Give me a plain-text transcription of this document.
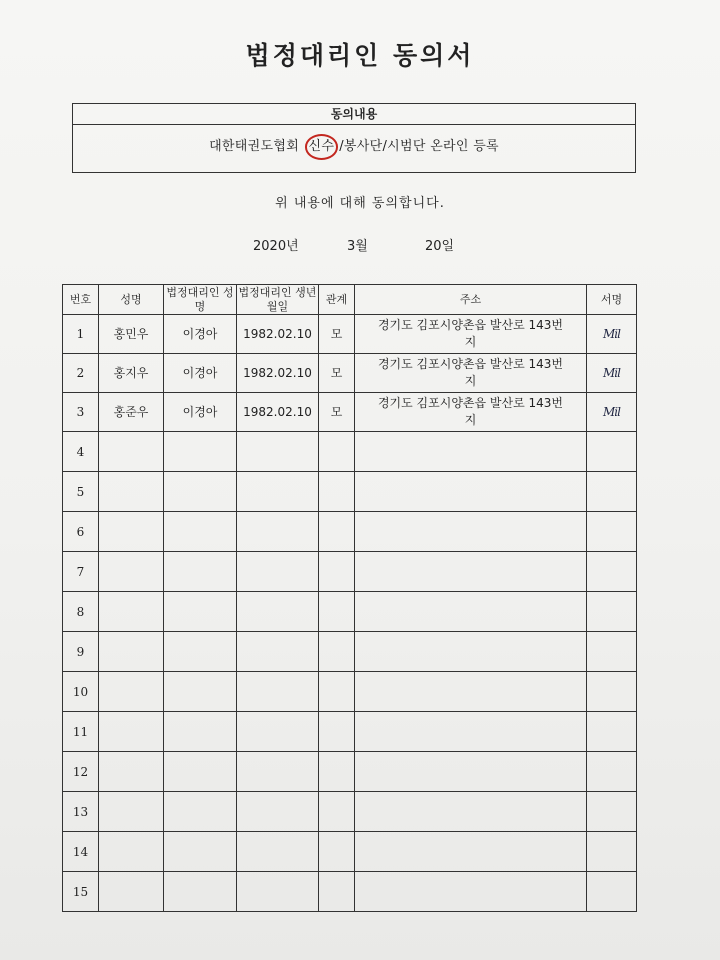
법정대리인 동의서
동의내용
대한태권도협회 신수 /봉사단/시범단 온라인 등록
위 내용에 대해 동의합니다.
2020년	3월	20일
번호	성명	법정대리인 성명	법정대리인 생년월일	관계	주소	서명
1	홍민우	이경아	1982.02.10	모	경기도 김포시양촌읍 발산로 143번지	Mil
2	홍지우	이경아	1982.02.10	모	경기도 김포시양촌읍 발산로 143번지	Mil
3	홍준우	이경아	1982.02.10	모	경기도 김포시양촌읍 발산로 143번지	Mil
4						
5						
6						
7						
8						
9						
10						
11						
12						
13						
14						
15						
